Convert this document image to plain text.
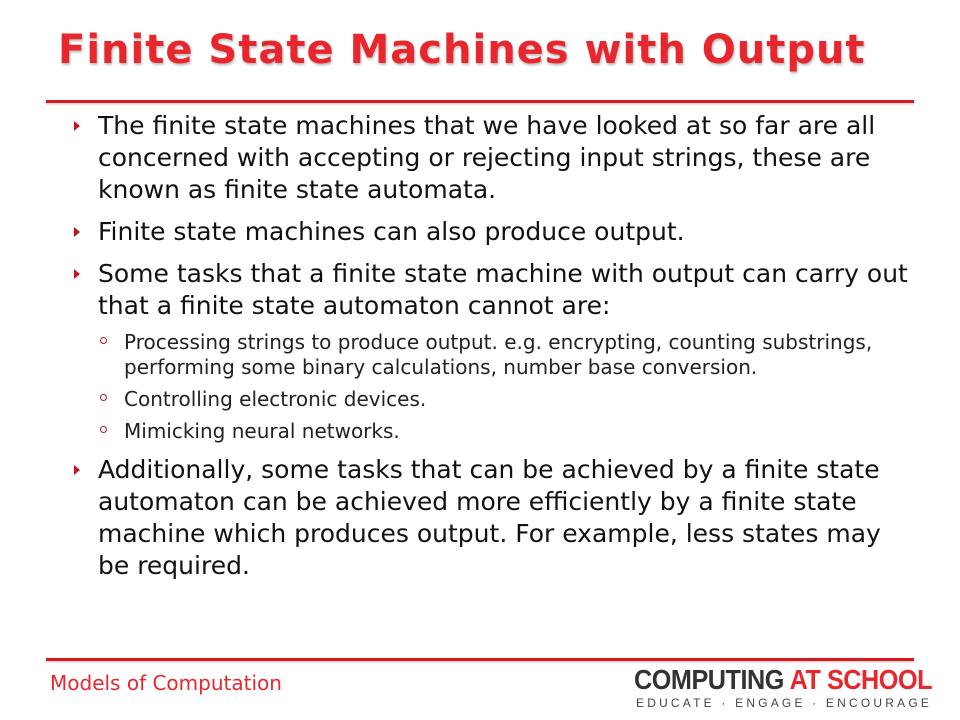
Finite State Machines with Output
The finite state machines that we have looked at so far are all concerned with accepting or rejecting input strings, these are known as finite state automata.
Finite state machines can also produce output.
Some tasks that a finite state machine with output can carry out that a finite state automaton cannot are:
Processing strings to produce output. e.g. encrypting, counting substrings, performing some binary calculations, number base conversion.
Controlling electronic devices.
Mimicking neural networks.
Additionally, some tasks that can be achieved by a finite state automaton can be achieved more efficiently by a finite state machine which produces output. For example, less states may be required.
Models of Computation	COMPUTING AT SCHOOL
EDUCATE · ENGAGE · ENCOURAGE
